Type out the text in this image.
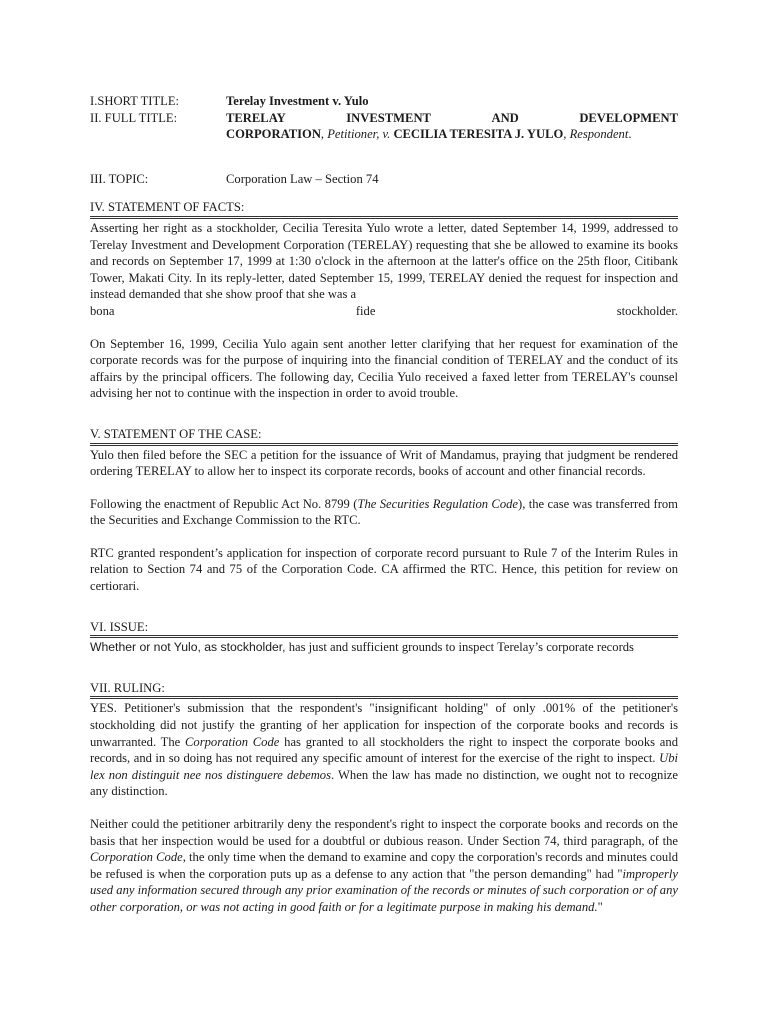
I.SHORT TITLE:	Terelay Investment v. Yulo
II. FULL TITLE:	TERELAY	INVESTMENT	AND	DEVELOPMENT
CORPORATION, Petitioner, v. CECILIA TERESITA J. YULO, Respondent.
III. TOPIC:	Corporation Law – Section 74
IV. STATEMENT OF FACTS:

Asserting her right as a stockholder, Cecilia Teresita Yulo wrote a letter, dated September 14, 1999, addressed to Terelay Investment and Development Corporation (TERELAY) requesting that she be allowed to examine its books and records on September 17, 1999 at 1:30 o'clock in the afternoon at the latter's office on the 25th floor, Citibank Tower, Makati City. In its reply-letter, dated September 15, 1999, TERELAY denied the request for inspection and instead demanded that she show proof that she was a

bona	fide	stockholder.

On September 16, 1999, Cecilia Yulo again sent another letter clarifying that her request for examination of the corporate records was for the purpose of inquiring into the financial condition of TERELAY and the conduct of its affairs by the principal officers. The following day, Cecilia Yulo received a faxed letter from TERELAY's counsel advising her not to continue with the inspection in order to avoid trouble.

V. STATEMENT OF THE CASE:

Yulo then filed before the SEC a petition for the issuance of Writ of Mandamus, praying that judgment be rendered ordering TERELAY to allow her to inspect its corporate records, books of account and other financial records.

Following the enactment of Republic Act No. 8799 (The Securities Regulation Code), the case was transferred from the Securities and Exchange Commission to the RTC.

RTC granted respondent’s application for inspection of corporate record pursuant to Rule 7 of the Interim Rules in relation to Section 74 and 75 of the Corporation Code. CA affirmed the RTC. Hence, this petition for review on certiorari.

VI. ISSUE:

Whether or not Yulo, as stockholder, has just and sufficient grounds to inspect Terelay’s corporate records

VII. RULING:

YES. Petitioner's submission that the respondent's "insignificant holding" of only .001% of the petitioner's stockholding did not justify the granting of her application for inspection of the corporate books and records is unwarranted. The Corporation Code has granted to all stockholders the right to inspect the corporate books and records, and in so doing has not required any specific amount of interest for the exercise of the right to inspect. Ubi lex non distinguit nee nos distinguere debemos. When the law has made no distinction, we ought not to recognize any distinction.

Neither could the petitioner arbitrarily deny the respondent's right to inspect the corporate books and records on the basis that her inspection would be used for a doubtful or dubious reason. Under Section 74, third paragraph, of the Corporation Code, the only time when the demand to examine and copy the corporation's records and minutes could be refused is when the corporation puts up as a defense to any action that "the person demanding" had "improperly used any information secured through any prior examination of the records or minutes of such corporation or of any other corporation, or was not acting in good faith or for a legitimate purpose in making his demand."
